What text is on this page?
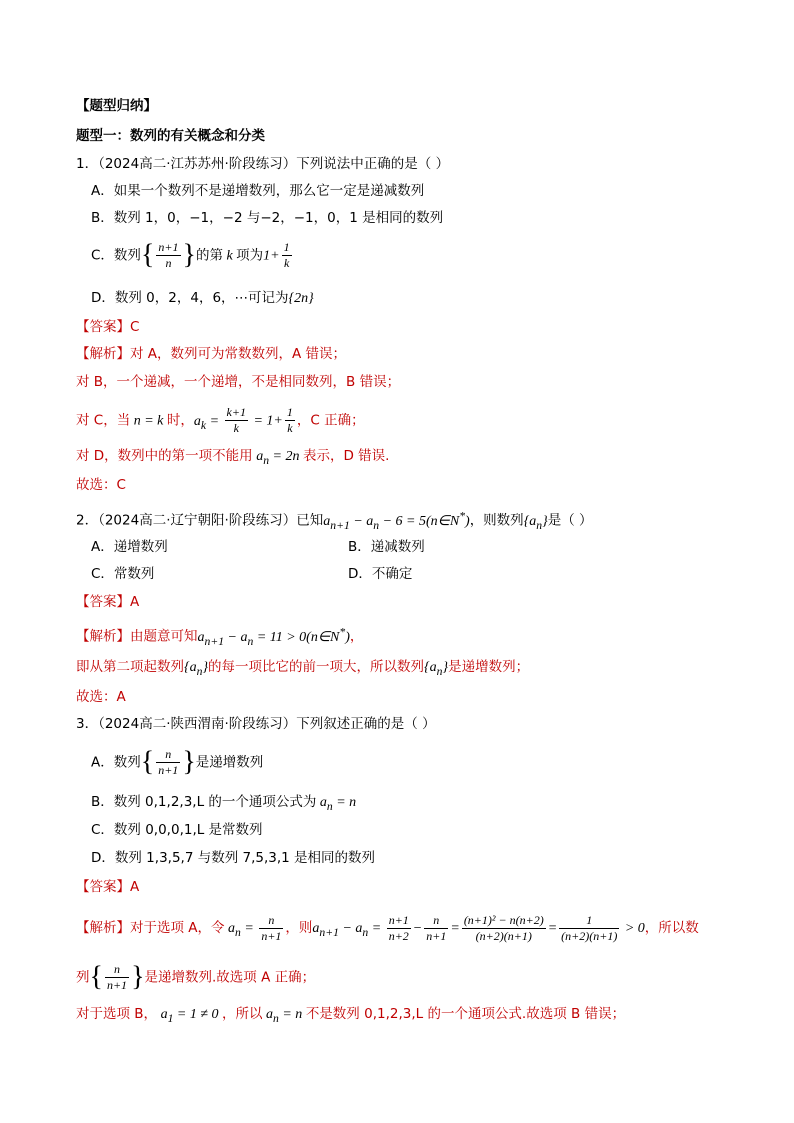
【题型归纳】
题型一：数列的有关概念和分类
1．（2024高二·江苏苏州·阶段练习）下列说法中正确的是（ ）
A．如果一个数列不是递增数列，那么它一定是递减数列
B．数列 1，0，−1，−2 与−2，−1，0，1 是相同的数列
C．数列{ $\frac{n+1}{n}$ }的第 k 项为$1+ \frac{1}{k}$
D．数列 0，2，4，6，⋯可记为{2n}
【答案】C
【解析】对 A，数列可为常数数列，A 错误；
对 B，一个递减，一个递增，不是相同数列，B 错误；
对 C，当 n = k 时，$a_k = \frac{k+1}{k} = 1+ \frac{1}{k}$ ，C 正确；
对 D，数列中的第一项不能用 $a_n = 2n$ 表示，D 错误.
故选：C
2．（2024高二·辽宁朝阳·阶段练习）已知$a_{n+1} - a_n - 6$ = 5(n∈N*)，则数列$\{a_n\}$是（ ）
A．递增数列	B．递减数列
C．常数列	D．不确定
【答案】A
【解析】由题意可知$a_{n+1} - a_n = 11$ > 0(n∈N*)，
即从第二项起数列$\{a_n\}$的每一项比它的前一项大，所以数列$\{a_n\}$是递增数列；
故选：A
3．（2024高二·陕西渭南·阶段练习）下列叙述正确的是（ ）
A．数列{ $\frac{n}{n+1}$ }是递增数列
B．数列 0,1,2,3,L 的一个通项公式为 $a_n = n$
C．数列 0,0,0,1,L 是常数列
D．数列 1,3,5,7 与数列 7,5,3,1 是相同的数列
【答案】A
【解析】对于选项 A，令 $a_n = \frac{n}{n+1}$ ，则$a_{n+1} - a_n = \frac{n+1}{n+2} - \frac{n}{n+1} = \frac{\text{(n+1)² − n(n+2)}}{(n+2)(n+1)} = \frac{1}{(n+2)(n+1)} > 0$，所以数
列{ $\frac{n}{n+1}$ }是递增数列.故选项 A 正确；
对于选项 B， $a_1 = 1 \ne 0$ ，所以 $a_n = n$ 不是数列 0,1,2,3,L 的一个通项公式.故选项 B 错误；
